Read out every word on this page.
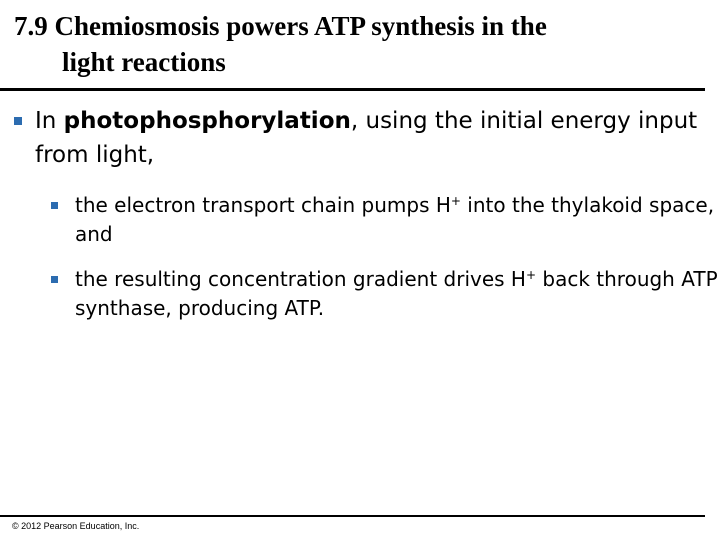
7.9 Chemiosmosis powers ATP synthesis in the
light reactions

In photophosphorylation, using the initial energy input from light,

the electron transport chain pumps H+ into the thylakoid space, and

the resulting concentration gradient drives H+ back through ATP synthase, producing ATP.

© 2012 Pearson Education, Inc.
